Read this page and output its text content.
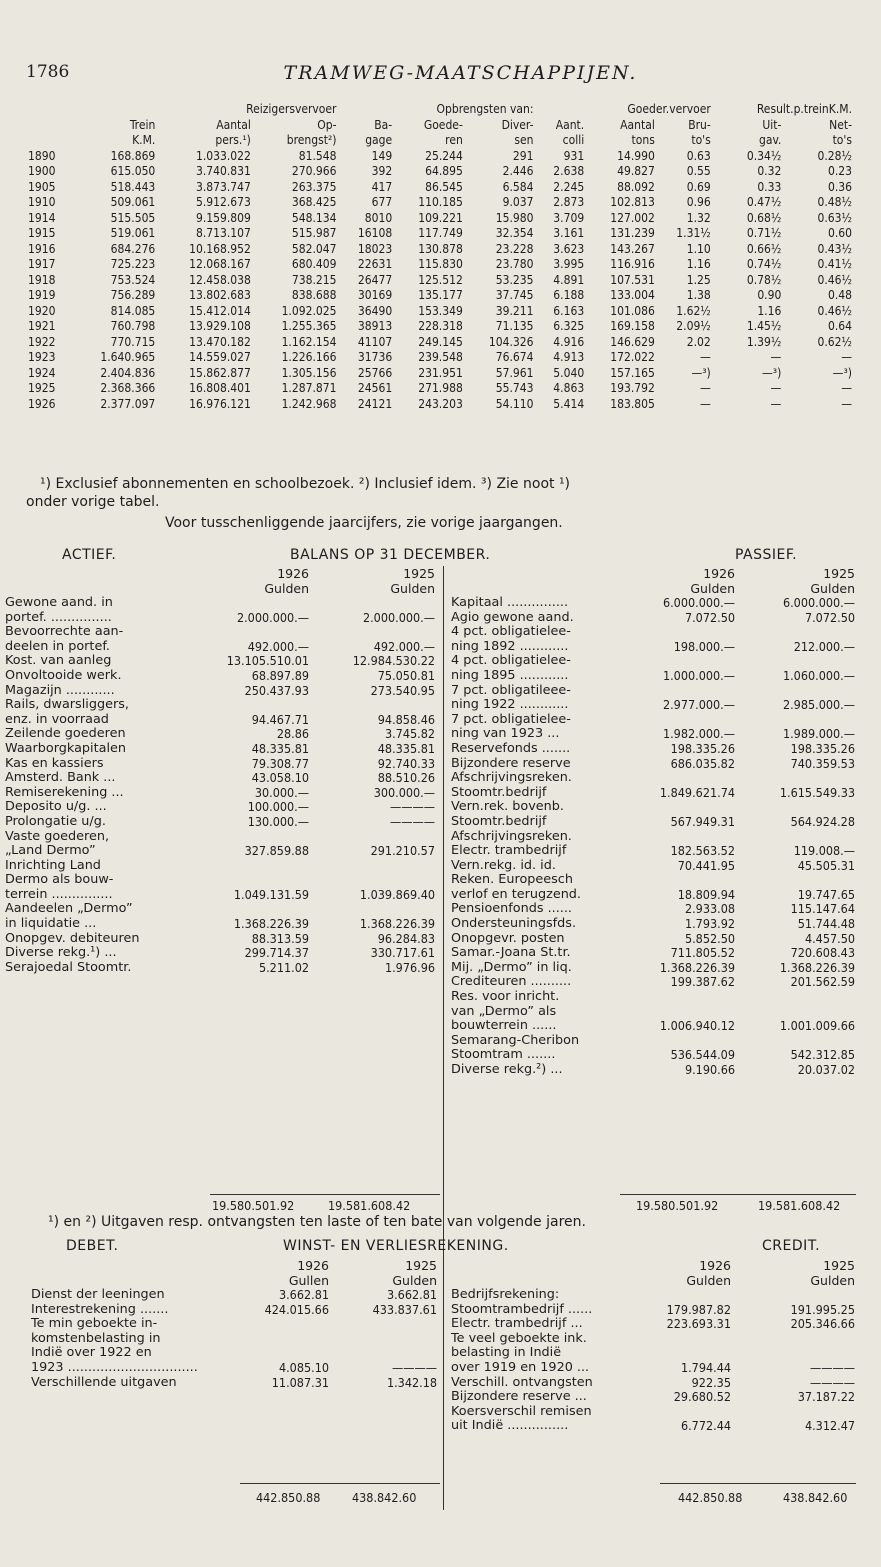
1786	TRAMWEG-MAATSCHAPPIJEN.
		Reizigersvervoer		Opbrengsten van:			Goeder.vervoer			Result.p.treinK.M.	
	Trein	Aantal	Op-	Ba-	Goede-	Diver-	Aant.	Aantal	Bru-	Uit-	Net-
	K.M.	pers.¹)	brengst²)	gage	ren	sen	colli	tons	to's	gav.	to's
1890	168.869	1.033.022	81.548	149	25.244	291	931	14.990	0.63	0.34½	0.28½
1900	615.050	3.740.831	270.966	392	64.895	2.446	2.638	49.827	0.55	0.32	0.23
1905	518.443	3.873.747	263.375	417	86.545	6.584	2.245	88.092	0.69	0.33	0.36
1910	509.061	5.912.673	368.425	677	110.185	9.037	2.873	102.813	0.96	0.47½	0.48½
1914	515.505	9.159.809	548.134	8010	109.221	15.980	3.709	127.002	1.32	0.68½	0.63½
1915	519.061	8.713.107	515.987	16108	117.749	32.354	3.161	131.239	1.31½	0.71½	0.60
1916	684.276	10.168.952	582.047	18023	130.878	23.228	3.623	143.267	1.10	0.66½	0.43½
1917	725.223	12.068.167	680.409	22631	115.830	23.780	3.995	116.916	1.16	0.74½	0.41½
1918	753.524	12.458.038	738.215	26477	125.512	53.235	4.891	107.531	1.25	0.78½	0.46½
1919	756.289	13.802.683	838.688	30169	135.177	37.745	6.188	133.004	1.38	0.90	0.48
1920	814.085	15.412.014	1.092.025	36490	153.349	39.211	6.163	101.086	1.62½	1.16	0.46½
1921	760.798	13.929.108	1.255.365	38913	228.318	71.135	6.325	169.158	2.09½	1.45½	0.64
1922	770.715	13.470.182	1.162.154	41107	249.145	104.326	4.916	146.629	2.02	1.39½	0.62½
1923	1.640.965	14.559.027	1.226.166	31736	239.548	76.674	4.913	172.022	—	—	—
1924	2.404.836	15.862.877	1.305.156	25766	231.951	57.961	5.040	157.165	—³)	—³)	—³)
1925	2.368.366	16.808.401	1.287.871	24561	271.988	55.743	4.863	193.792	—	—	—
1926	2.377.097	16.976.121	1.242.968	24121	243.203	54.110	5.414	183.805	—	—	—
¹) Exclusief abonnementen en schoolbezoek. ²) Inclusief idem. ³) Zie noot ¹)
onder vorige tabel.
Voor tusschenliggende jaarcijfers, zie vorige jaargangen.
ACTIEF.	BALANS OP 31 DECEMBER.	PASSIEF.
	1926	1925
	Gulden	Gulden
Gewone aand. in		
portef. ...............	2.000.000.—	2.000.000.—
Bevoorrechte aan-		
deelen in portef.	492.000.—	492.000.—
Kost. van aanleg	13.105.510.01	12.984.530.22
Onvoltooide werk.	68.897.89	75.050.81
Magazijn ............	250.437.93	273.540.95
Rails, dwarsliggers,		
enz. in voorraad	94.467.71	94.858.46
Zeilende goederen	28.86	3.745.82
Waarborgkapitalen	48.335.81	48.335.81
Kas en kassiers	79.308.77	92.740.33
Amsterd. Bank ...	43.058.10	88.510.26
Remiserekening ...	30.000.—	300.000.—
Deposito u/g. ...	100.000.—	————
Prolongatie u/g.	130.000.—	————
Vaste goederen,		
„Land Dermo”	327.859.88	291.210.57
Inrichting Land		
Dermo als bouw-		
terrein ...............	1.049.131.59	1.039.869.40
Aandeelen „Dermo”		
in liquidatie ...	1.368.226.39	1.368.226.39
Onopgev. debiteuren	88.313.59	96.284.83
Diverse rekg.¹) ...	299.714.37	330.717.61
Serajoedal Stoomtr.	5.211.02	1.976.96
	1926	1925
	Gulden	Gulden
Kapitaal ...............	6.000.000.—	6.000.000.—
Agio gewone aand.	7.072.50	7.072.50
4 pct. obligatielee-		
ning 1892 ............	198.000.—	212.000.—
4 pct. obligatielee-		
ning 1895 ............	1.000.000.—	1.060.000.—
7 pct. obligatileee-		
ning 1922 ............	2.977.000.—	2.985.000.—
7 pct. obligatielee-		
ning van 1923 ...	1.982.000.—	1.989.000.—
Reservefonds .......	198.335.26	198.335.26
Bijzondere reserve	686.035.82	740.359.53
Afschrijvingsreken.		
Stoomtr.bedrijf	1.849.621.74	1.615.549.33
Vern.rek. bovenb.		
Stoomtr.bedrijf	567.949.31	564.924.28
Afschrijvingsreken.		
Electr. trambedrijf	182.563.52	119.008.—
Vern.rekg. id. id.	70.441.95	45.505.31
Reken. Europeesch		
verlof en terugzend.	18.809.94	19.747.65
Pensioenfonds ......	2.933.08	115.147.64
Ondersteuningsfds.	1.793.92	51.744.48
Onopgevr. posten	5.852.50	4.457.50
Samar.-Joana St.tr.	711.805.52	720.608.43
Mij. „Dermo” in liq.	1.368.226.39	1.368.226.39
Crediteuren ..........	199.387.62	201.562.59
Res. voor inricht.		
van „Dermo” als		
bouwterrein ......	1.006.940.12	1.001.009.66
Semarang-Cheribon		
Stoomtram .......	536.544.09	542.312.85
Diverse rekg.²) ...	9.190.66	20.037.02
19.580.501.92	19.581.608.42	19.580.501.92	19.581.608.42
¹) en ²) Uitgaven resp. ontvangsten ten laste of ten bate van volgende jaren.
DEBET.	WINST- EN VERLIESREKENING.	CREDIT.
	1926	1925
	Gullen	Gulden
Dienst der leeningen	3.662.81	3.662.81
Interestrekening .......	424.015.66	433.837.61
Te min geboekte in-		
komstenbelasting in		
Indië over 1922 en		
1923 ................................	4.085.10	————
Verschillende uitgaven	11.087.31	1.342.18
	1926	1925
	Gulden	Gulden
Bedrijfsrekening:		
Stoomtrambedrijf ......	179.987.82	191.995.25
Electr. trambedrijf ...	223.693.31	205.346.66
Te veel geboekte ink.		
belasting in Indië		
over 1919 en 1920 ...	1.794.44	————
Verschill. ontvangsten	922.35	————
Bijzondere reserve ...	29.680.52	37.187.22
Koersverschil remisen		
uit Indië ...............	6.772.44	4.312.47
442.850.88	438.842.60	442.850.88	438.842.60
